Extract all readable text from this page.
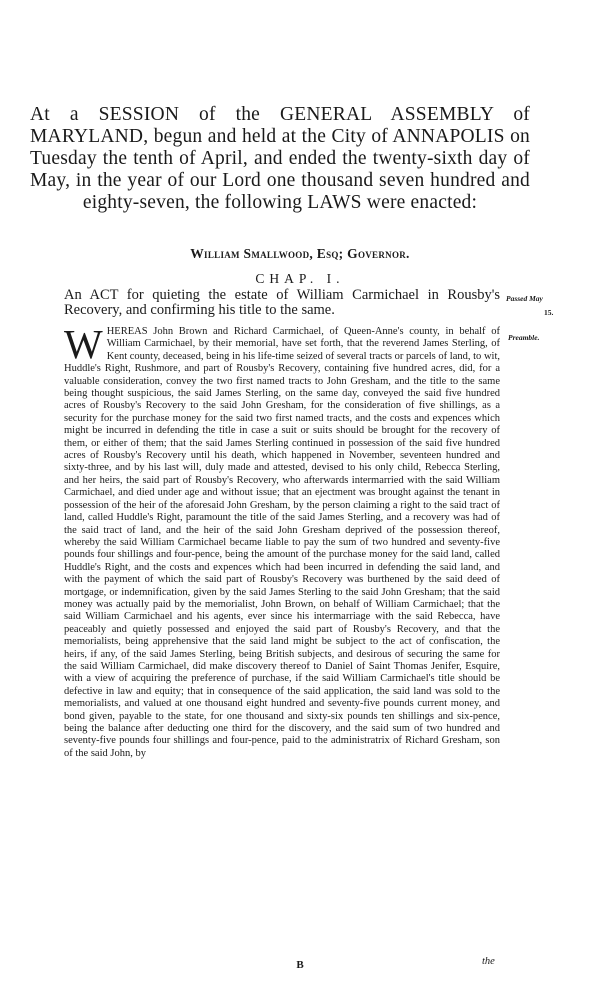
At a SESSION of the GENERAL ASSEMBLY of MARYLAND, begun and held at the City of ANNAPOLIS on Tuesday the tenth of April, and ended the twenty-sixth day of May, in the year of our Lord one thousand seven hundred and eighty-seven, the following LAWS were enacted:
William Smallwood, Esq; Governor.
CHAP. I.
An ACT for quieting the estate of William Carmichael in Rousby's Recovery, and confirming his title to the same.
Passed May
15.
Preamble.
W HEREAS John Brown and Richard Carmichael, of Queen-Anne's county, in behalf of William Carmichael, by their memorial, have set forth, that the reverend James Sterling, of Kent county, deceased, being in his life-time seized of several tracts or parcels of land, to wit, Huddle's Right, Rushmore, and part of Rousby's Recovery, containing five hundred acres, did, for a valuable consideration, convey the two first named tracts to John Gresham, and the title to the same being thought suspicious, the said James Sterling, on the same day, conveyed the said five hundred acres of Rousby's Recovery to the said John Gresham, for the consideration of five shillings, as a security for the purchase money for the said two first named tracts, and the costs and expences which might be incurred in defending the title in case a suit or suits should be brought for the recovery of them, or either of them; that the said James Sterling continued in possession of the said five hundred acres of Rousby's Recovery until his death, which happened in November, seventeen hundred and sixty-three, and by his last will, duly made and attested, devised to his only child, Rebecca Sterling, and her heirs, the said part of Rousby's Recovery, who afterwards intermarried with the said William Carmichael, and died under age and without issue; that an ejectment was brought against the tenant in possession of the heir of the aforesaid John Gresham, by the person claiming a right to the said tract of land, called Huddle's Right, paramount the title of the said James Sterling, and a recovery was had of the said tract of land, and the heir of the said John Gresham deprived of the possession thereof, whereby the said William Carmichael became liable to pay the sum of two hundred and seventy-five pounds four shillings and four-pence, being the amount of the purchase money for the said land, called Huddle's Right, and the costs and expences which had been incurred in defending the said land, and with the payment of which the said part of Rousby's Recovery was burthened by the said deed of mortgage, or indemnification, given by the said James Sterling to the said John Gresham; that the said money was actually paid by the memorialist, John Brown, on behalf of William Carmichael; that the said William Carmichael and his agents, ever since his intermarriage with the said Rebecca, have peaceably and quietly possessed and enjoyed the said part of Rousby's Recovery, and that the memorialists, being apprehensive that the said land might be subject to the act of confiscation, the heirs, if any, of the said James Sterling, being British subjects, and desirous of securing the same for the said William Carmichael, did make discovery thereof to Daniel of Saint Thomas Jenifer, Esquire, with a view of acquiring the preference of purchase, if the said William Carmichael's title should be defective in law and equity; that in consequence of the said application, the said land was sold to the memorialists, and valued at one thousand eight hundred and seventy-five pounds current money, and bond given, payable to the state, for one thousand and sixty-six pounds ten shillings and six-pence, being the balance after deducting one third for the discovery, and the said sum of two hundred and seventy-five pounds four shillings and four-pence, paid to the administratrix of Richard Gresham, son of the said John, by
B	the
